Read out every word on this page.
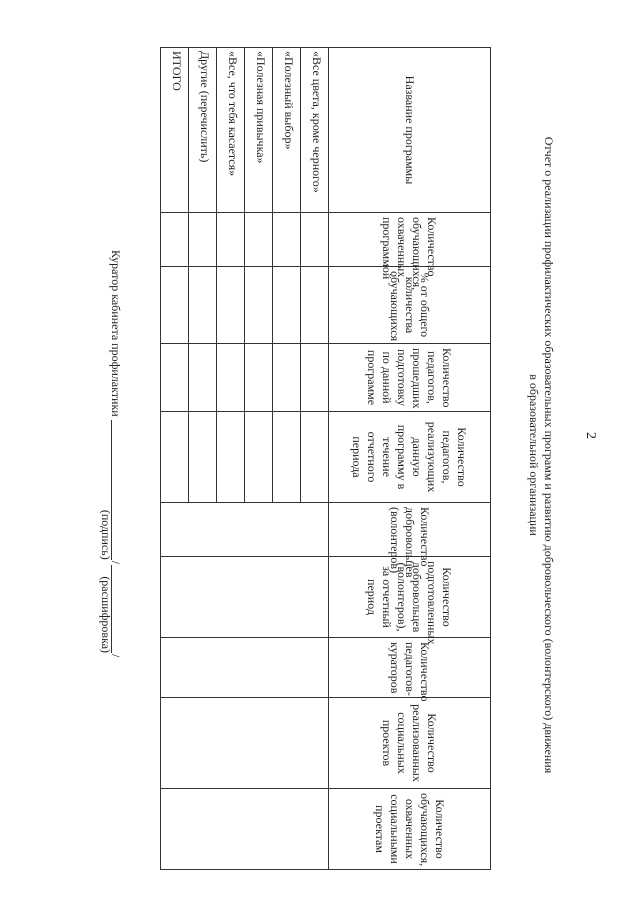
2
Отчет о реализации профилактических образовательных программ и развитию добровольческого (волонтерского) движения
в образовательной организации
Название программы	Количество обучающихся, охваченных программой	% от общего количества обучающихся	Количество педагогов, прошедших подготовку по данной программе	Количество педагогов, реализующих данную программу в течение отчетного периода	Количество добровольцев (волонтеров)	Количество подготовленных добровольцев (волонтеров), за отчетный период	Количество педагогов-кураторов	Количество реализованных социальных проектов	Количество обучающихся, охваченных социальными проектам
«Все цвета, кроме черного»									
«Полезный выбор»									
«Полезная привычка»									
«Все, что тебя касается»									
Другие (перечислить)									
ИТОГО									
Куратор кабинета профилактики
(подпись)
/
(расшифровка)
/
